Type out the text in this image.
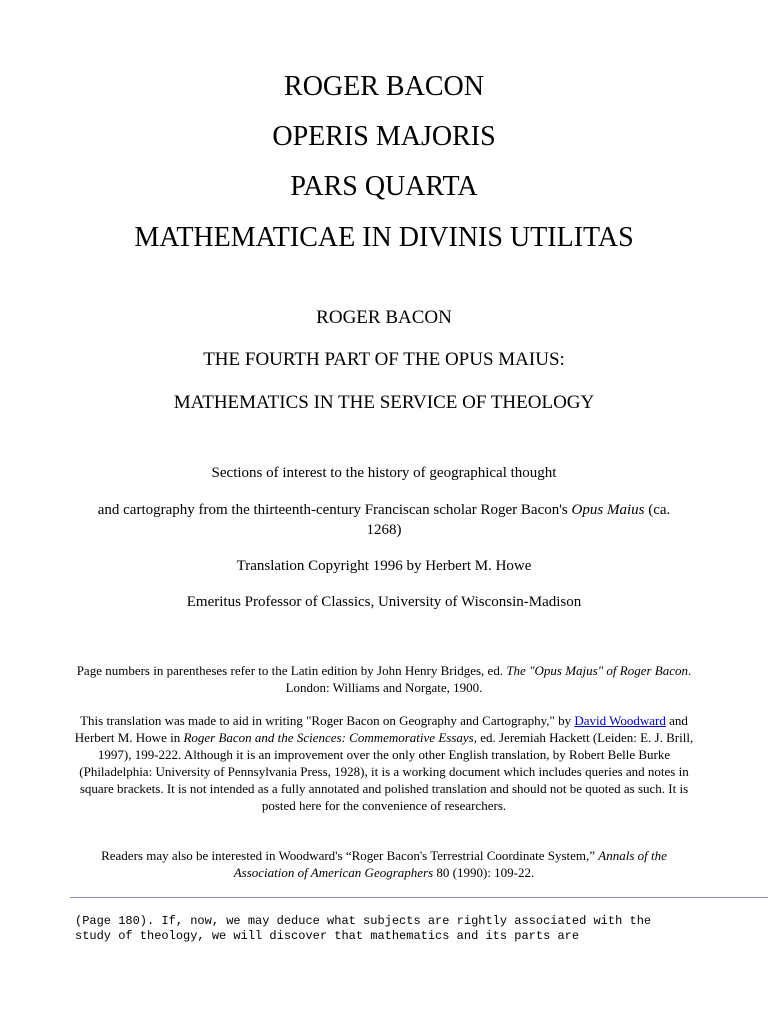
ROGER BACON
OPERIS MAJORIS
PARS QUARTA
MATHEMATICAE IN DIVINIS UTILITAS

ROGER BACON

THE FOURTH PART OF THE OPUS MAIUS:

MATHEMATICS IN THE SERVICE OF THEOLOGY

Sections of interest to the history of geographical thought

and cartography from the thirteenth-century Franciscan scholar Roger Bacon's Opus Maius (ca. 1268)

Translation Copyright 1996 by Herbert M. Howe

Emeritus Professor of Classics, University of Wisconsin-Madison

Page numbers in parentheses refer to the Latin edition by John Henry Bridges, ed. The "Opus Majus" of Roger Bacon. London: Williams and Norgate, 1900.

This translation was made to aid in writing "Roger Bacon on Geography and Cartography," by David Woodward and Herbert M. Howe in Roger Bacon and the Sciences: Commemorative Essays, ed. Jeremiah Hackett (Leiden: E. J. Brill, 1997), 199-222. Although it is an improvement over the only other English translation, by Robert Belle Burke (Philadelphia: University of Pennsylvania Press, 1928), it is a working document which includes queries and notes in square brackets. It is not intended as a fully annotated and polished translation and should not be quoted as such. It is posted here for the convenience of researchers.

Readers may also be interested in Woodward's “Roger Bacon's Terrestrial Coordinate System,” Annals of the Association of American Geographers 80 (1990): 109-22.

(Page 180). If, now, we may deduce what subjects are rightly associated with the
study of theology, we will discover that mathematics and its parts are
